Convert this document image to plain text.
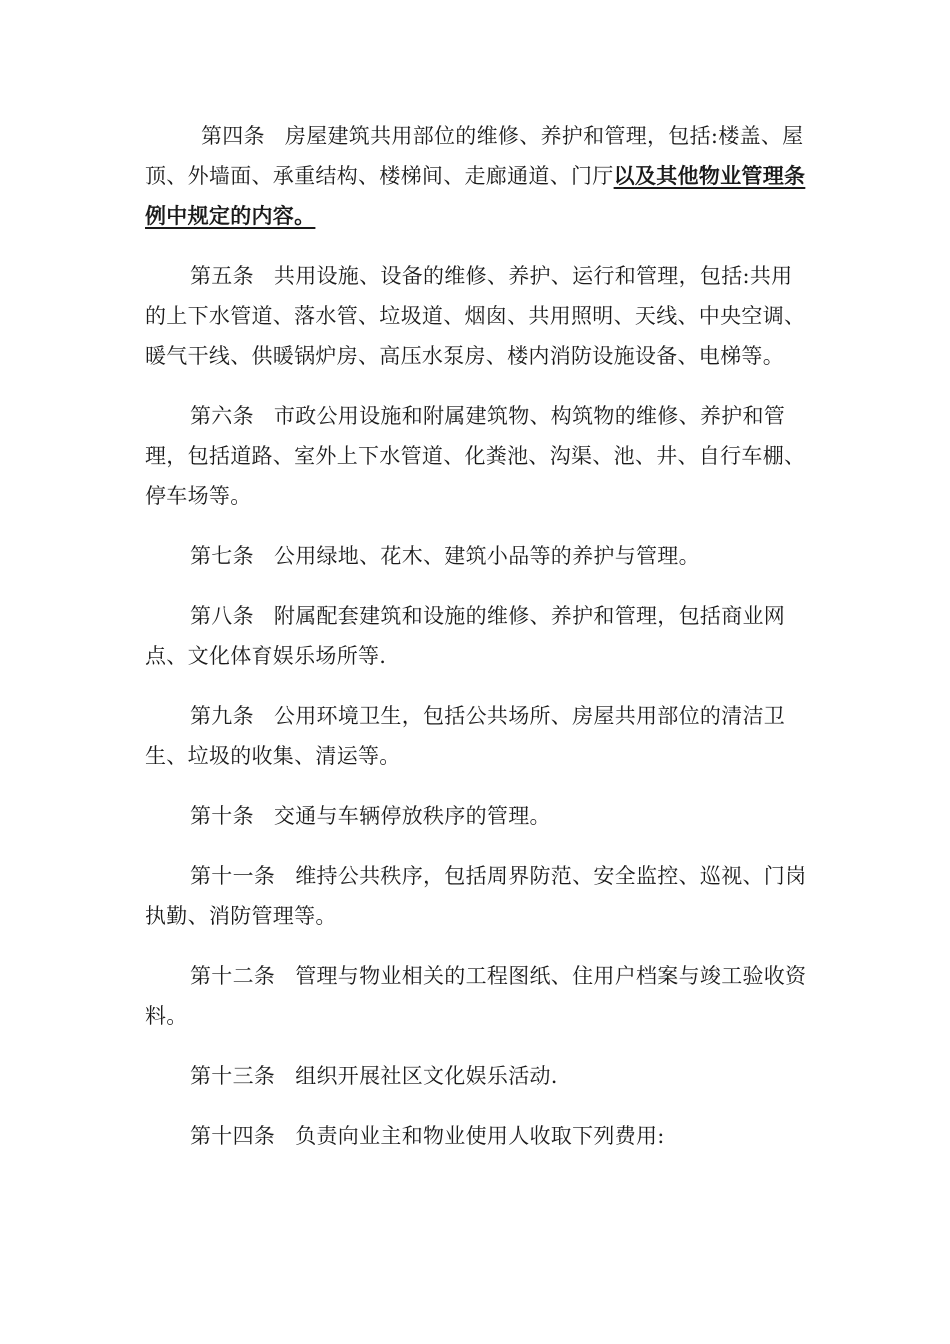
第四条 房屋建筑共用部位的维修、养护和管理，包括:楼盖、屋顶、外墙面、承重结构、楼梯间、走廊通道、门厅以及其他物业管理条例中规定的内容。

第五条 共用设施、设备的维修、养护、运行和管理，包括:共用的上下水管道、落水管、垃圾道、烟囱、共用照明、天线、中央空调、暖气干线、供暖锅炉房、高压水泵房、楼内消防设施设备、电梯等。

第六条 市政公用设施和附属建筑物、构筑物的维修、养护和管理，包括道路、室外上下水管道、化粪池、沟渠、池、井、自行车棚、停车场等。

第七条 公用绿地、花木、建筑小品等的养护与管理。

第八条 附属配套建筑和设施的维修、养护和管理，包括商业网点、文化体育娱乐场所等.

第九条 公用环境卫生，包括公共场所、房屋共用部位的清洁卫生、垃圾的收集、清运等。

第十条 交通与车辆停放秩序的管理。

第十一条 维持公共秩序，包括周界防范、安全监控、巡视、门岗执勤、消防管理等。

第十二条 管理与物业相关的工程图纸、住用户档案与竣工验收资料。

第十三条 组织开展社区文化娱乐活动.

第十四条 负责向业主和物业使用人收取下列费用:
